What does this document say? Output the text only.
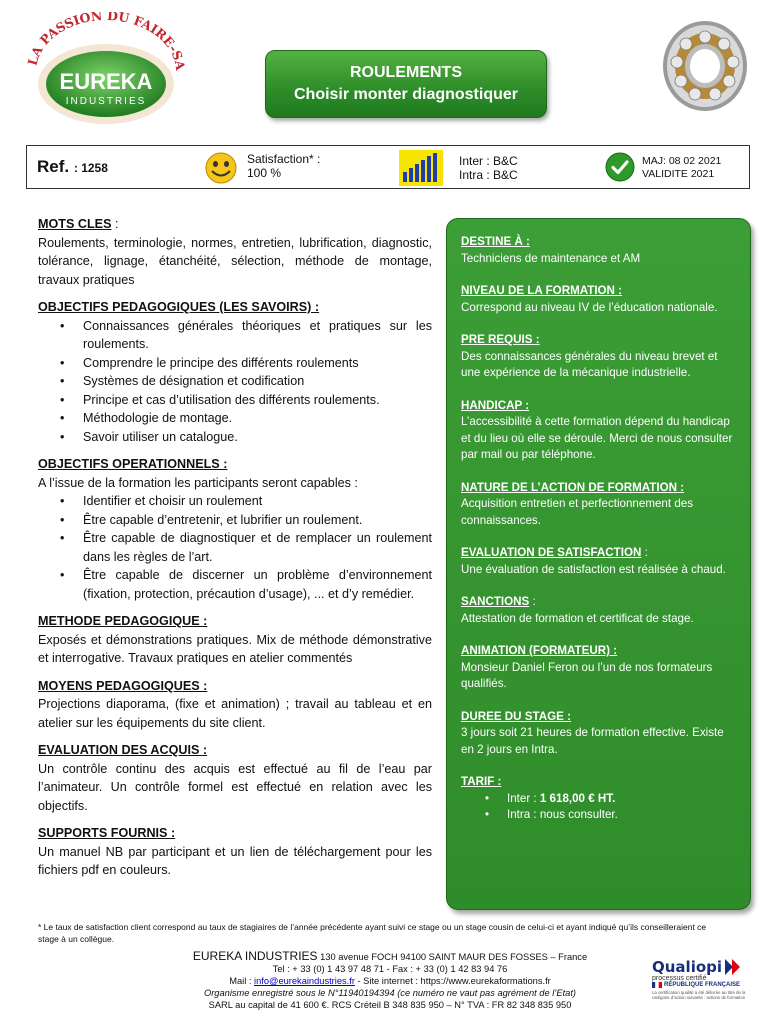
LA PASSION DU FAIRE-SA
EUREKA
INDUSTRIES
ROULEMENTS
Choisir monter diagnostiquer
Ref. : 1258
Satisfaction* :
100 %
Inter : B&C
Intra : B&C
MAJ: 08 02 2021
VALIDITE 2021
MOTS CLES :
Roulements, terminologie, normes, entretien, lubrification, diagnostic, tolérance, lignage, étanchéité, sélection, méthode de montage, travaux pratiques
OBJECTIFS PEDAGOGIQUES (LES SAVOIRS) :
• Connaissances générales théoriques et pratiques sur les roulements.
• Comprendre le principe des différents roulements
• Systèmes de désignation et codification
• Principe et cas d’utilisation des différents roulements.
• Méthodologie de montage.
• Savoir utiliser un catalogue.
OBJECTIFS OPERATIONNELS :
A l’issue de la formation les participants seront capables :
• Identifier et choisir un roulement
• Être capable d’entretenir, et lubrifier un roulement.
• Être capable de diagnostiquer et de remplacer un roulement dans les règles de l’art.
• Être capable de discerner un problème d’environnement (fixation, protection, précaution d’usage), ... et d’y remédier.
METHODE PEDAGOGIQUE :
Exposés et démonstrations pratiques. Mix de méthode démonstrative et interrogative. Travaux pratiques en atelier commentés
MOYENS PEDAGOGIQUES :
Projections diaporama, (fixe et animation) ; travail au tableau et en atelier sur les équipements du site client.
EVALUATION DES ACQUIS :
Un contrôle continu des acquis est effectué au fil de l’eau par l’animateur. Un contrôle formel est effectué en relation avec les objectifs.
SUPPORTS FOURNIS :
Un manuel NB par participant et un lien de téléchargement pour les fichiers pdf en couleurs.
DESTINE À :
Techniciens de maintenance et AM
NIVEAU DE LA FORMATION :
Correspond au niveau IV de l’éducation nationale.
PRE REQUIS :
Des connaissances générales du niveau brevet et une expérience de la mécanique industrielle.
HANDICAP :
L’accessibilité à cette formation dépend du handicap et du lieu où elle se déroule. Merci de nous consulter par mail ou par téléphone.
NATURE DE L’ACTION DE FORMATION :
Acquisition entretien et perfectionnement des connaissances.
EVALUATION DE SATISFACTION :
Une évaluation de satisfaction est réalisée à chaud.
SANCTIONS :
Attestation de formation et certificat de stage.
ANIMATION (FORMATEUR) :
Monsieur Daniel Feron ou l’un de nos formateurs qualifiés.
DUREE DU STAGE :
3 jours soit 21 heures de formation effective. Existe en 2 jours en Intra.
TARIF :
• Inter : 1 618,00 € HT.
• Intra : nous consulter.
* Le taux de satisfaction client correspond au taux de stagiaires de l’année précédente ayant suivi ce stage ou un stage cousin de celui-ci et ayant indiqué qu’ils conseilleraient ce stage à un collègue.
EUREKA INDUSTRIES 130 avenue FOCH 94100 SAINT MAUR DES FOSSES – France
Tel : + 33 (0) 1 43 97 48 71 - Fax : + 33 (0) 1 42 83 94 76
Mail : info@eurekaindustries.fr - Site internet : https://www.eurekaformations.fr
Organisme enregistré sous le N°11940194394 (ce numéro ne vaut pas agrément de l’Etat)
SARL au capital de 41 600 €. RCS Créteil B 348 835 950 – N° TVA : FR 82 348 835 950
Qualiopi
processus certifié
RÉPUBLIQUE FRANÇAISE
La certification qualité a été délivrée au titre de la catégorie d’action suivante : actions de formation
